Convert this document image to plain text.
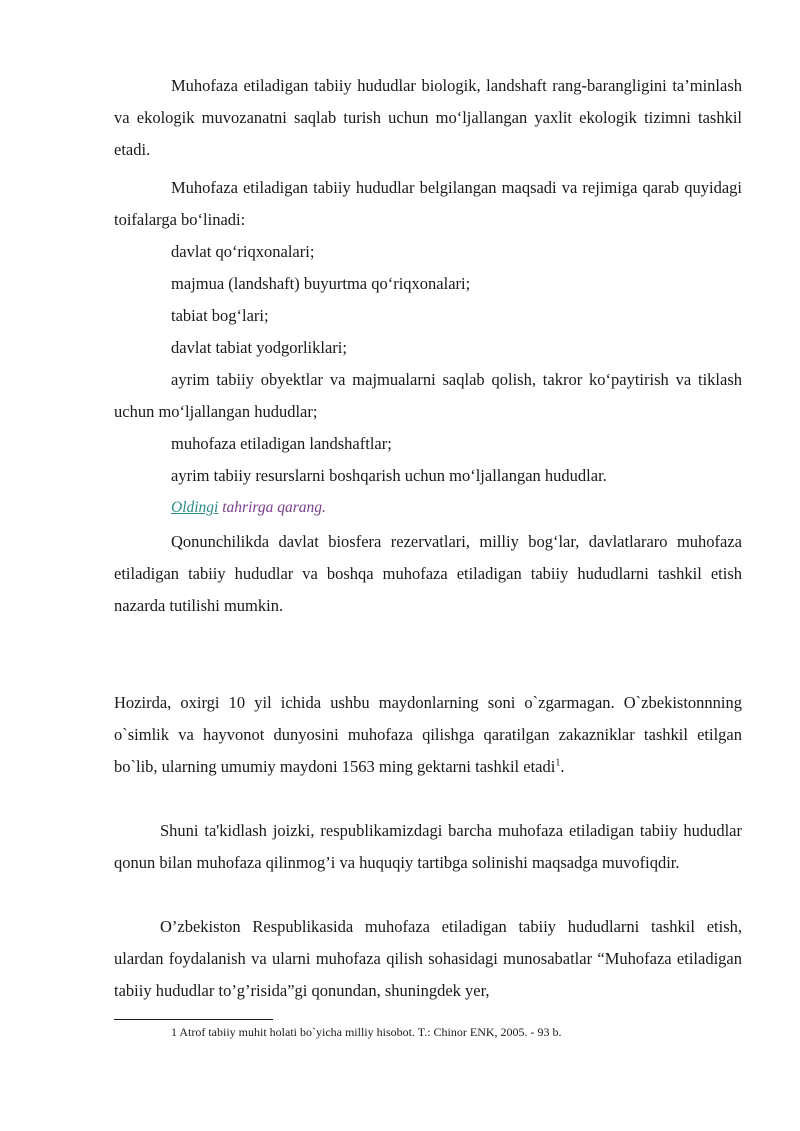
Muhofaza etiladigan tabiiy hududlar biologik, landshaft rang-barangligini ta’minlash va ekologik muvozanatni saqlab turish uchun mo‘ljallangan yaxlit ekologik tizimni tashkil etadi.

Muhofaza etiladigan tabiiy hududlar belgilangan maqsadi va rejimiga qarab quyidagi toifalarga bo‘linadi:

davlat qo‘riqxonalari;

majmua (landshaft) buyurtma qo‘riqxonalari;

tabiat bog‘lari;

davlat tabiat yodgorliklari;

ayrim tabiiy obyektlar va majmualarni saqlab qolish, takror ko‘paytirish va tiklash uchun mo‘ljallangan hududlar;

muhofaza etiladigan landshaftlar;

ayrim tabiiy resurslarni boshqarish uchun mo‘ljallangan hududlar.

Oldingi tahrirga qarang.

Qonunchilikda davlat biosfera rezervatlari, milliy bog‘lar, davlatlararo muhofaza etiladigan tabiiy hududlar va boshqa muhofaza etiladigan tabiiy hududlarni tashkil etish nazarda tutilishi mumkin.

Hozirda, oxirgi 10 yil ichida ushbu maydonlarning soni o`zgarmagan. O`zbekistonnning o`simlik va hayvonot dunyosini muhofaza qilishga qaratilgan zakazniklar tashkil etilgan bo`lib, ularning umumiy maydoni 1563 ming gektarni tashkil etadi$^1$.

Shuni ta'kidlash joizki, respublikamizdagi barcha muhofaza etiladigan tabiiy hududlar qonun bilan muhofaza qilinmog’i va huquqiy tartibga solinishi maqsadga muvofiqdir.

O’zbekiston Respublikasida muhofaza etiladigan tabiiy hududlarni tashkil etish, ulardan foydalanish va ularni muhofaza qilish sohasidagi munosabatlar “Muhofaza etiladigan tabiiy hududlar to’g’risida”gi qonundan, shuningdek yer,

1 Atrof tabiiy muhit holati bo`yicha milliy hisobot. T.: Chinor ENK, 2005. - 93 b.
